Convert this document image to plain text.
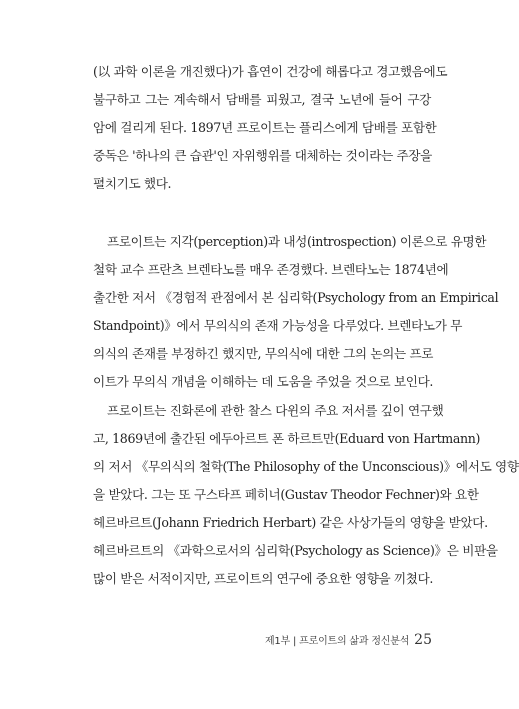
(以 과학 이론을 개진했다)가 흡연이 건강에 해롭다고 경고했음에도
불구하고 그는 계속해서 담배를 피웠고, 결국 노년에 들어 구강
암에 걸리게 된다. 1897년 프로이트는 플리스에게 담배를 포함한
중독은 '하나의 큰 습관'인 자위행위를 대체하는 것이라는 주장을
펼치기도 했다.
프로이트는 지각(perception)과 내성(introspection) 이론으로 유명한
철학 교수 프란츠 브렌타노를 매우 존경했다. 브렌타노는 1874년에
출간한 저서 《경험적 관점에서 본 심리학(Psychology from an Empirical
Standpoint)》에서 무의식의 존재 가능성을 다루었다. 브렌타노가 무
의식의 존재를 부정하긴 했지만, 무의식에 대한 그의 논의는 프로
이트가 무의식 개념을 이해하는 데 도움을 주었을 것으로 보인다.
프로이트는 진화론에 관한 찰스 다윈의 주요 저서를 깊이 연구했
고, 1869년에 출간된 에두아르트 폰 하르트만(Eduard von Hartmann)
의 저서 《무의식의 철학(The Philosophy of the Unconscious)》에서도 영향
을 받았다. 그는 또 구스타프 페히너(Gustav Theodor Fechner)와 요한
헤르바르트(Johann Friedrich Herbart) 같은 사상가들의 영향을 받았다.
헤르바르트의 《과학으로서의 심리학(Psychology as Science)》은 비판을
많이 받은 서적이지만, 프로이트의 연구에 중요한 영향을 끼쳤다.
제1부 | 프로이트의 삶과 정신분석 25
